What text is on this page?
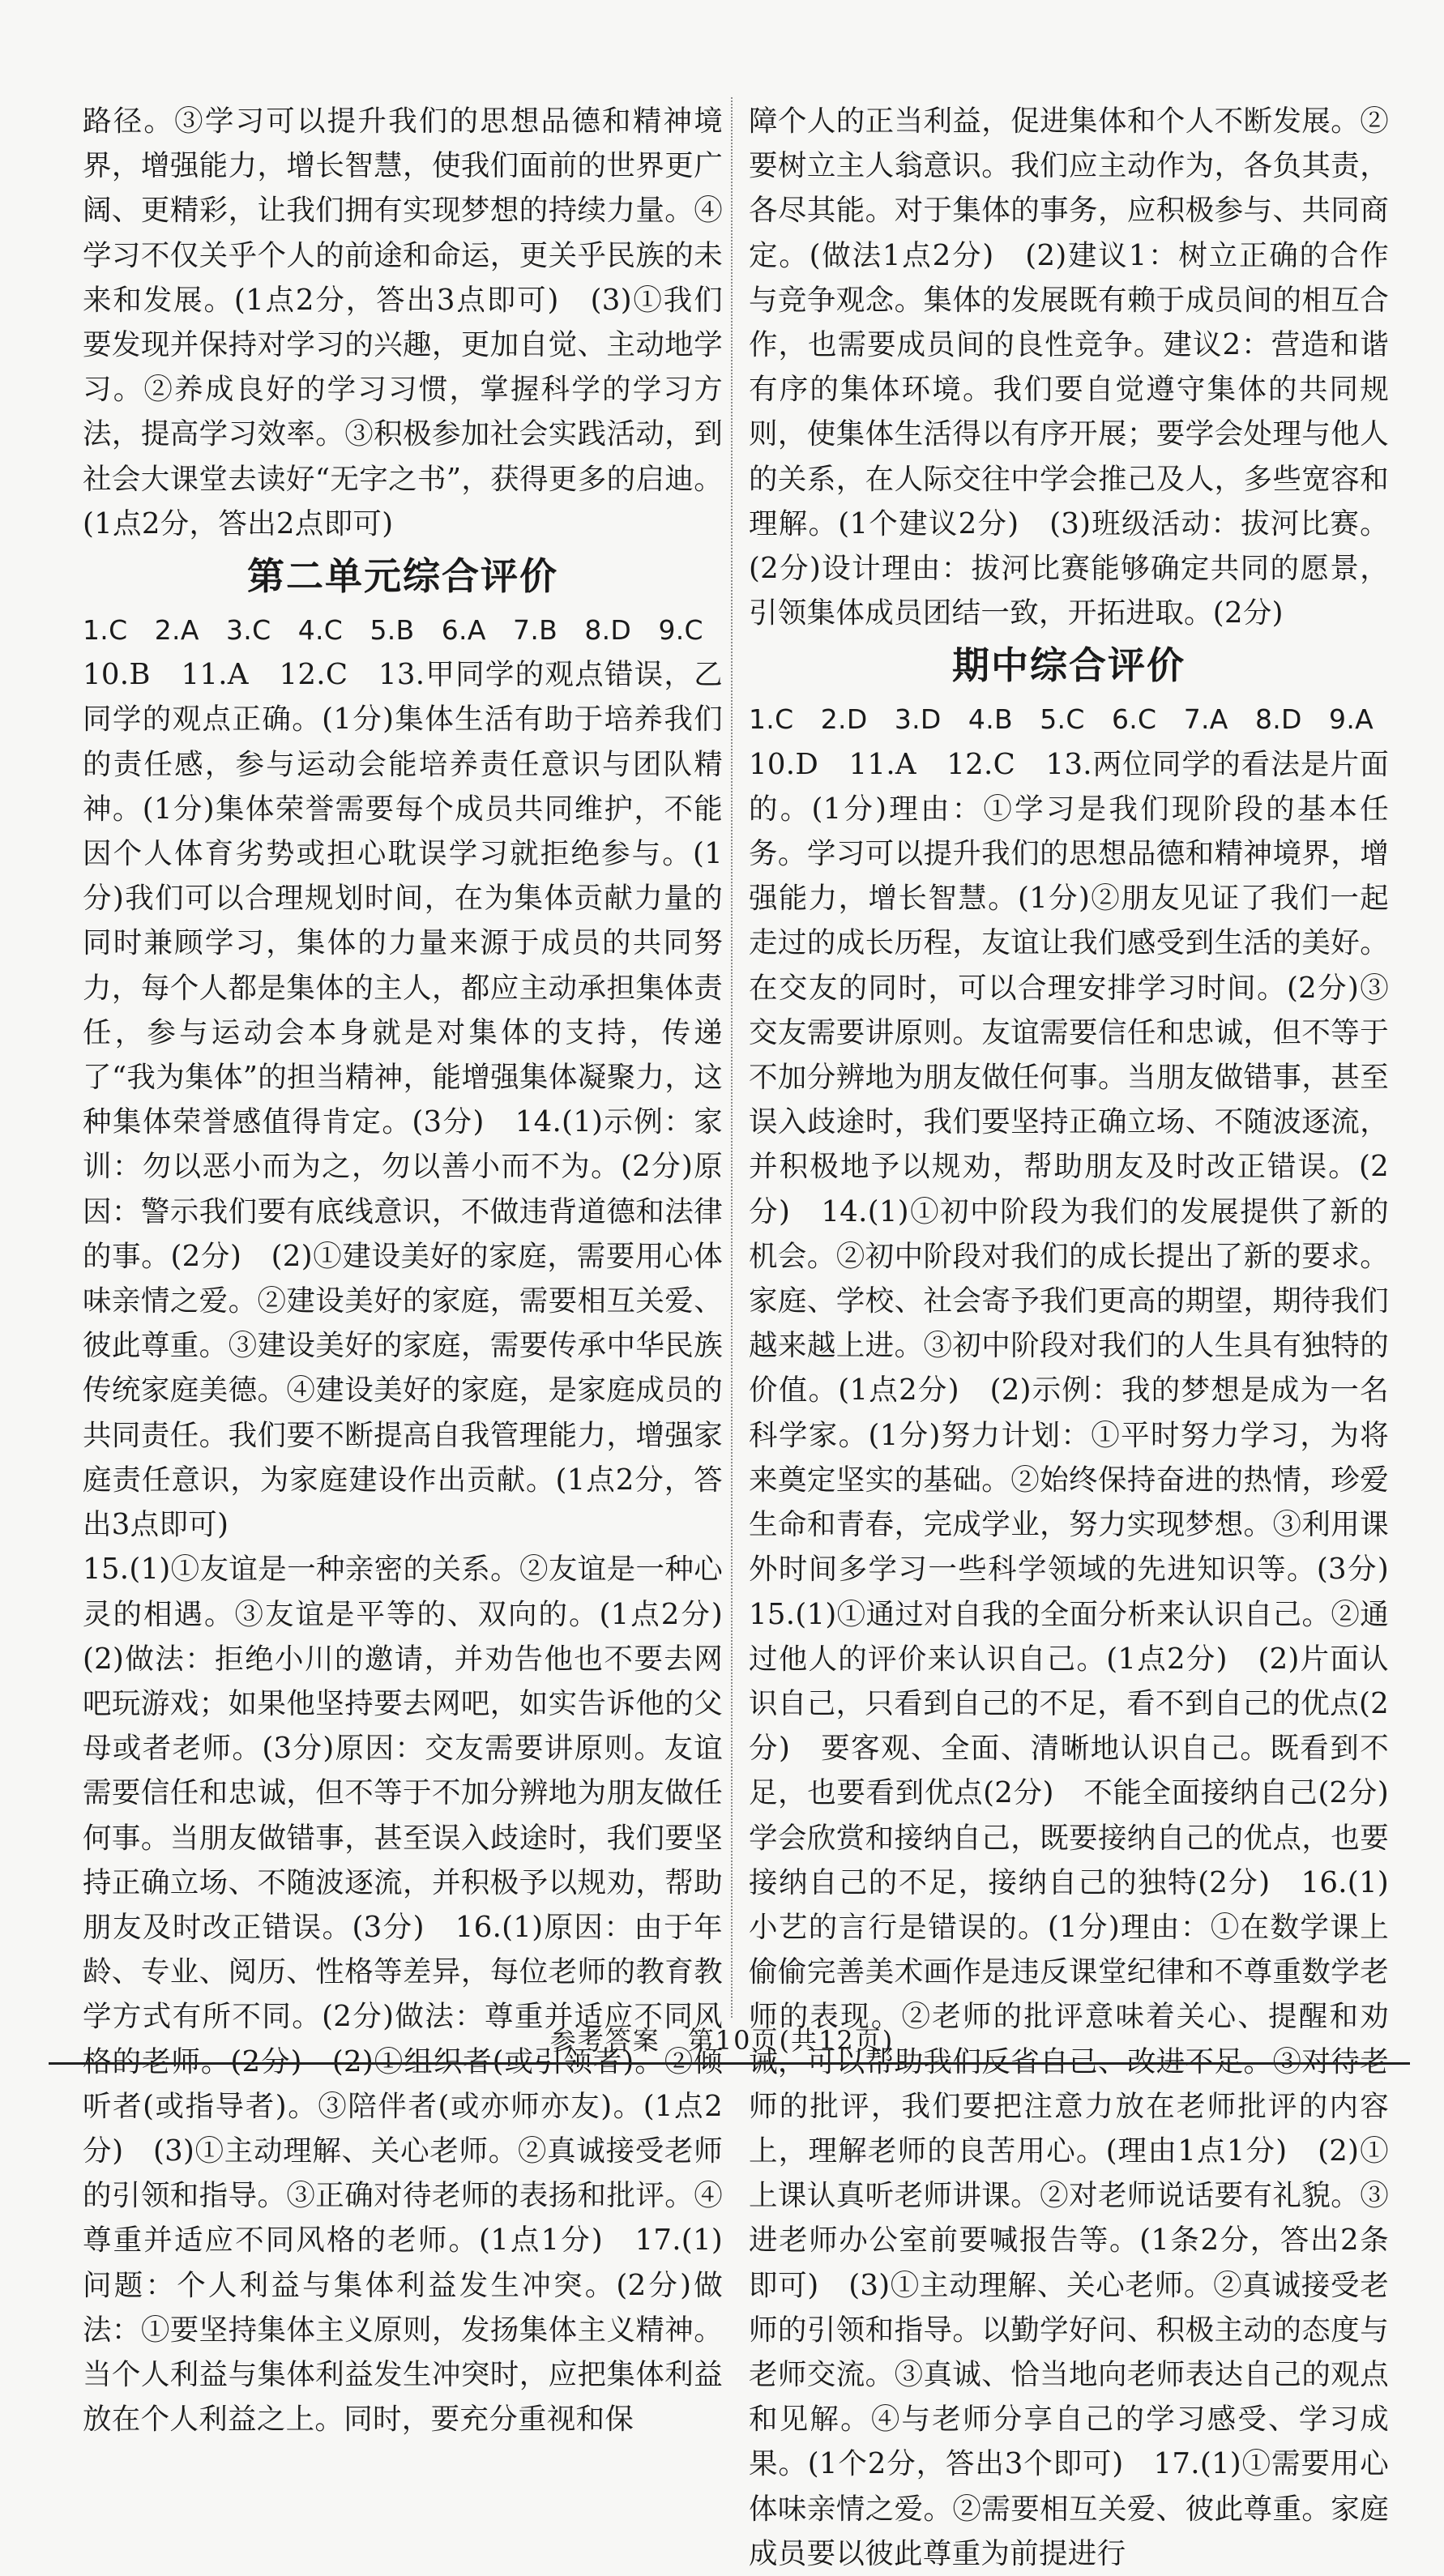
路径。③学习可以提升我们的思想品德和精神境界，增强能力，增长智慧，使我们面前的世界更广阔、更精彩，让我们拥有实现梦想的持续力量。④学习不仅关乎个人的前途和命运，更关乎民族的未来和发展。(1点2分，答出3点即可)　(3)①我们要发现并保持对学习的兴趣，更加自觉、主动地学习。②养成良好的学习习惯，掌握科学的学习方法，提高学习效率。③积极参加社会实践活动，到社会大课堂去读好“无字之书”，获得更多的启迪。(1点2分，答出2点即可)

第二单元综合评价

1.C　2.A　3.C　4.C　5.B　6.A　7.B　8.D　9.C

10.B　11.A　12.C　13.甲同学的观点错误，乙同学的观点正确。(1分)集体生活有助于培养我们的责任感，参与运动会能培养责任意识与团队精神。(1分)集体荣誉需要每个成员共同维护，不能因个人体育劣势或担心耽误学习就拒绝参与。(1分)我们可以合理规划时间，在为集体贡献力量的同时兼顾学习，集体的力量来源于成员的共同努力，每个人都是集体的主人，都应主动承担集体责任，参与运动会本身就是对集体的支持，传递了“我为集体”的担当精神，能增强集体凝聚力，这种集体荣誉感值得肯定。(3分)　14.(1)示例：家训：勿以恶小而为之，勿以善小而不为。(2分)原因：警示我们要有底线意识，不做违背道德和法律的事。(2分)　(2)①建设美好的家庭，需要用心体味亲情之爱。②建设美好的家庭，需要相互关爱、彼此尊重。③建设美好的家庭，需要传承中华民族传统家庭美德。④建设美好的家庭，是家庭成员的共同责任。我们要不断提高自我管理能力，增强家庭责任意识，为家庭建设作出贡献。(1点2分，答出3点即可)

15.(1)①友谊是一种亲密的关系。②友谊是一种心灵的相遇。③友谊是平等的、双向的。(1点2分)　(2)做法：拒绝小川的邀请，并劝告他也不要去网吧玩游戏；如果他坚持要去网吧，如实告诉他的父母或者老师。(3分)原因：交友需要讲原则。友谊需要信任和忠诚，但不等于不加分辨地为朋友做任何事。当朋友做错事，甚至误入歧途时，我们要坚持正确立场、不随波逐流，并积极予以规劝，帮助朋友及时改正错误。(3分)　16.(1)原因：由于年龄、专业、阅历、性格等差异，每位老师的教育教学方式有所不同。(2分)做法：尊重并适应不同风格的老师。(2分)　(2)①组织者(或引领者)。②倾听者(或指导者)。③陪伴者(或亦师亦友)。(1点2分)　(3)①主动理解、关心老师。②真诚接受老师的引领和指导。③正确对待老师的表扬和批评。④尊重并适应不同风格的老师。(1点1分)　17.(1)问题：个人利益与集体利益发生冲突。(2分)做法：①要坚持集体主义原则，发扬集体主义精神。当个人利益与集体利益发生冲突时，应把集体利益放在个人利益之上。同时，要充分重视和保

障个人的正当利益，促进集体和个人不断发展。②要树立主人翁意识。我们应主动作为，各负其责，各尽其能。对于集体的事务，应积极参与、共同商定。(做法1点2分)　(2)建议1：树立正确的合作与竞争观念。集体的发展既有赖于成员间的相互合作，也需要成员间的良性竞争。建议2：营造和谐有序的集体环境。我们要自觉遵守集体的共同规则，使集体生活得以有序开展；要学会处理与他人的关系，在人际交往中学会推己及人，多些宽容和理解。(1个建议2分)　(3)班级活动：拔河比赛。(2分)设计理由：拔河比赛能够确定共同的愿景，引领集体成员团结一致，开拓进取。(2分)

期中综合评价

1.C　2.D　3.D　4.B　5.C　6.C　7.A　8.D　9.A

10.D　11.A　12.C　13.两位同学的看法是片面的。(1分)理由：①学习是我们现阶段的基本任务。学习可以提升我们的思想品德和精神境界，增强能力，增长智慧。(1分)②朋友见证了我们一起走过的成长历程，友谊让我们感受到生活的美好。在交友的同时，可以合理安排学习时间。(2分)③交友需要讲原则。友谊需要信任和忠诚，但不等于不加分辨地为朋友做任何事。当朋友做错事，甚至误入歧途时，我们要坚持正确立场、不随波逐流，并积极地予以规劝，帮助朋友及时改正错误。(2分)　14.(1)①初中阶段为我们的发展提供了新的机会。②初中阶段对我们的成长提出了新的要求。家庭、学校、社会寄予我们更高的期望，期待我们越来越上进。③初中阶段对我们的人生具有独特的价值。(1点2分)　(2)示例：我的梦想是成为一名科学家。(1分)努力计划：①平时努力学习，为将来奠定坚实的基础。②始终保持奋进的热情，珍爱生命和青春，完成学业，努力实现梦想。③利用课外时间多学习一些科学领域的先进知识等。(3分)　15.(1)①通过对自我的全面分析来认识自己。②通过他人的评价来认识自己。(1点2分)　(2)片面认识自己，只看到自己的不足，看不到自己的优点(2分)　要客观、全面、清晰地认识自己。既看到不足，也要看到优点(2分)　不能全面接纳自己(2分)　学会欣赏和接纳自己，既要接纳自己的优点，也要接纳自己的不足，接纳自己的独特(2分)　16.(1)小艺的言行是错误的。(1分)理由：①在数学课上偷偷完善美术画作是违反课堂纪律和不尊重数学老师的表现。②老师的批评意味着关心、提醒和劝诫，可以帮助我们反省自己、改进不足。③对待老师的批评，我们要把注意力放在老师批评的内容上，理解老师的良苦用心。(理由1点1分)　(2)①上课认真听老师讲课。②对老师说话要有礼貌。③进老师办公室前要喊报告等。(1条2分，答出2条即可)　(3)①主动理解、关心老师。②真诚接受老师的引领和指导。以勤学好问、积极主动的态度与老师交流。③真诚、恰当地向老师表达自己的观点和见解。④与老师分享自己的学习感受、学习成果。(1个2分，答出3个即可)　17.(1)①需要用心体味亲情之爱。②需要相互关爱、彼此尊重。家庭成员要以彼此尊重为前提进行

参考答案　第10页(共12页)
